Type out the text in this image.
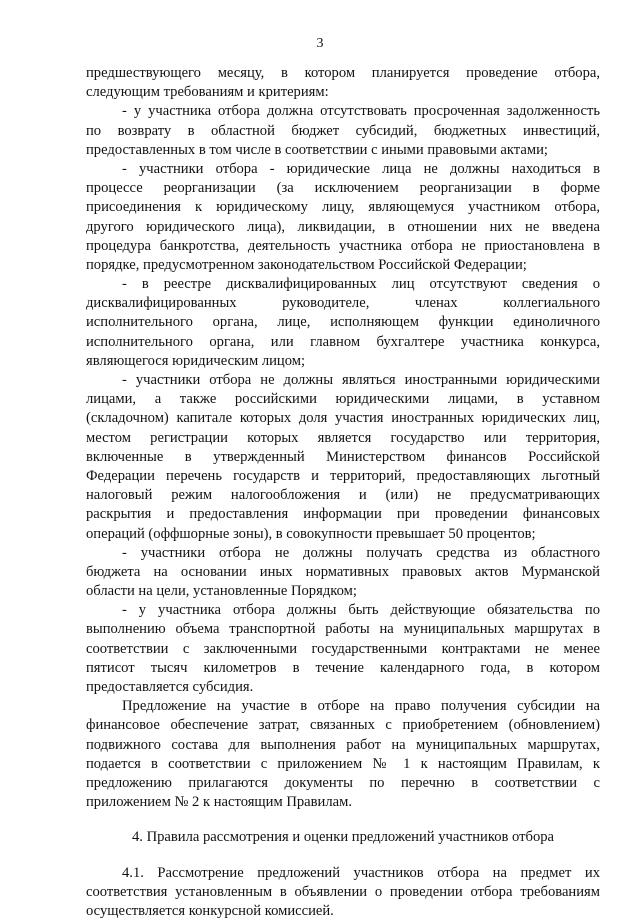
3
предшествующего месяцу, в котором планируется проведение отбора,
следующим требованиям и критериям:
- у участника отбора должна отсутствовать просроченная задолженность
по возврату в областной бюджет субсидий, бюджетных инвестиций,
предоставленных в том числе в соответствии с иными правовыми актами;
- участники отбора - юридические лица не должны находиться в
процессе реорганизации (за исключением реорганизации в форме
присоединения к юридическому лицу, являющемуся участником отбора,
другого юридического лица), ликвидации, в отношении них не введена
процедура банкротства, деятельность участника отбора не приостановлена в
порядке, предусмотренном законодательством Российской Федерации;
- в реестре дисквалифицированных лиц отсутствуют сведения о
дисквалифицированных руководителе, членах коллегиального
исполнительного органа, лице, исполняющем функции единоличного
исполнительного органа, или главном бухгалтере участника конкурса,
являющегося юридическим лицом;
- участники отбора не должны являться иностранными юридическими
лицами, а также российскими юридическими лицами, в уставном
(складочном) капитале которых доля участия иностранных юридических лиц,
местом регистрации которых является государство или территория,
включенные в утвержденный Министерством финансов Российской
Федерации перечень государств и территорий, предоставляющих льготный
налоговый режим налогообложения и (или) не предусматривающих
раскрытия и предоставления информации при проведении финансовых
операций (оффшорные зоны), в совокупности превышает 50 процентов;
- участники отбора не должны получать средства из областного
бюджета на основании иных нормативных правовых актов Мурманской
области на цели, установленные Порядком;
- у участника отбора должны быть действующие обязательства по
выполнению объема транспортной работы на муниципальных маршрутах в
соответствии с заключенными государственными контрактами не менее
пятисот тысяч километров в течение календарного года, в котором
предоставляется субсидия.
Предложение на участие в отборе на право получения субсидии на
финансовое обеспечение затрат, связанных с приобретением (обновлением)
подвижного состава для выполнения работ на муниципальных маршрутах,
подается в соответствии с приложением № 1 к настоящим Правилам, к
предложению прилагаются документы по перечню в соответствии с
приложением № 2 к настоящим Правилам.
4. Правила рассмотрения и оценки предложений участников отбора
4.1. Рассмотрение предложений участников отбора на предмет их
соответствия установленным в объявлении о проведении отбора требованиям
осуществляется конкурсной комиссией.
